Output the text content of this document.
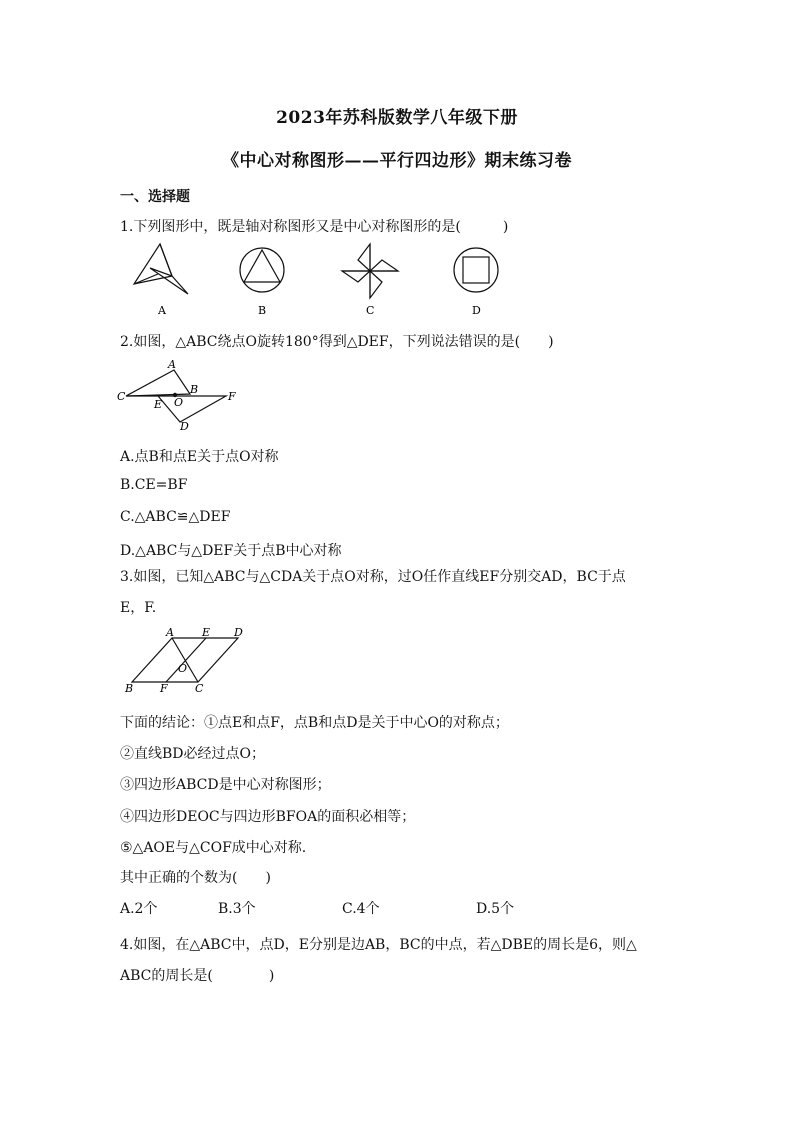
2023年苏科版数学八年级下册
《中心对称图形——平行四边形》期末练习卷
一、选择题
1.下列图形中，既是轴对称图形又是中心对称图形的是(　　　)
A	B	C	D
2.如图，△ABC绕点O旋转180°得到△DEF，下列说法错误的是(　　)
A
B
C	O
E
F
D
A.点B和点E关于点O对称
B.CE=BF
C.△ABC≌△DEF
D.△ABC与△DEF关于点B中心对称
3.如图，已知△ABC与△CDA关于点O对称，过O任作直线EF分别交AD，BC于点
E，F.
A	E D
O
B F C
下面的结论：①点E和点F，点B和点D是关于中心O的对称点；
②直线BD必经过点O；
③四边形ABCD是中心对称图形；
④四边形DEOC与四边形BFOA的面积必相等；
⑤△AOE与△COF成中心对称.
其中正确的个数为(　　)
A.2个	B.3个	C.4个	D.5个
4.如图，在△ABC中，点D，E分别是边AB，BC的中点，若△DBE的周长是6，则△
ABC的周长是(　　　　)
